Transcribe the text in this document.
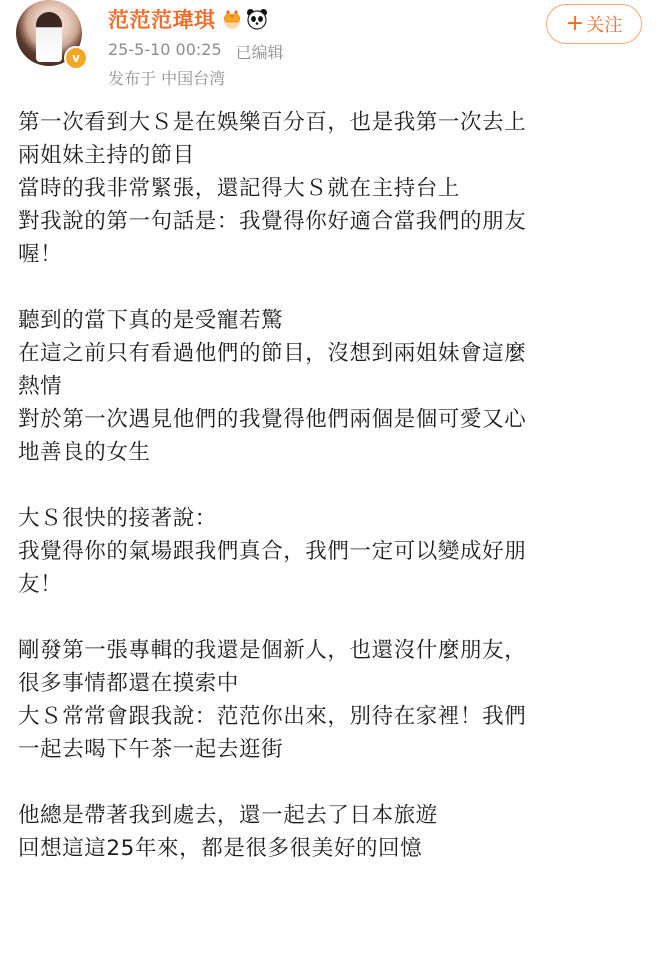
v
范范范瑋琪
25-5-10 00:25 已编辑
发布于 中国台湾
+ 关注
第一次看到大Ｓ是在娛樂百分百，也是我第一次去上
兩姐妹主持的節目
當時的我非常緊張，還記得大Ｓ就在主持台上
對我說的第一句話是：我覺得你好適合當我們的朋友
喔！
聽到的當下真的是受寵若驚
在這之前只有看過他們的節目，沒想到兩姐妹會這麼
熱情
對於第一次遇見他們的我覺得他們兩個是個可愛又心
地善良的女生
大Ｓ很快的接著說：
我覺得你的氣場跟我們真合，我們一定可以變成好朋
友！
剛發第一張專輯的我還是個新人，也還沒什麼朋友，
很多事情都還在摸索中
大Ｓ常常會跟我說：范范你出來，別待在家裡！我們
一起去喝下午茶一起去逛街
他總是帶著我到處去，還一起去了日本旅遊
回想這這25年來，都是很多很美好的回憶
